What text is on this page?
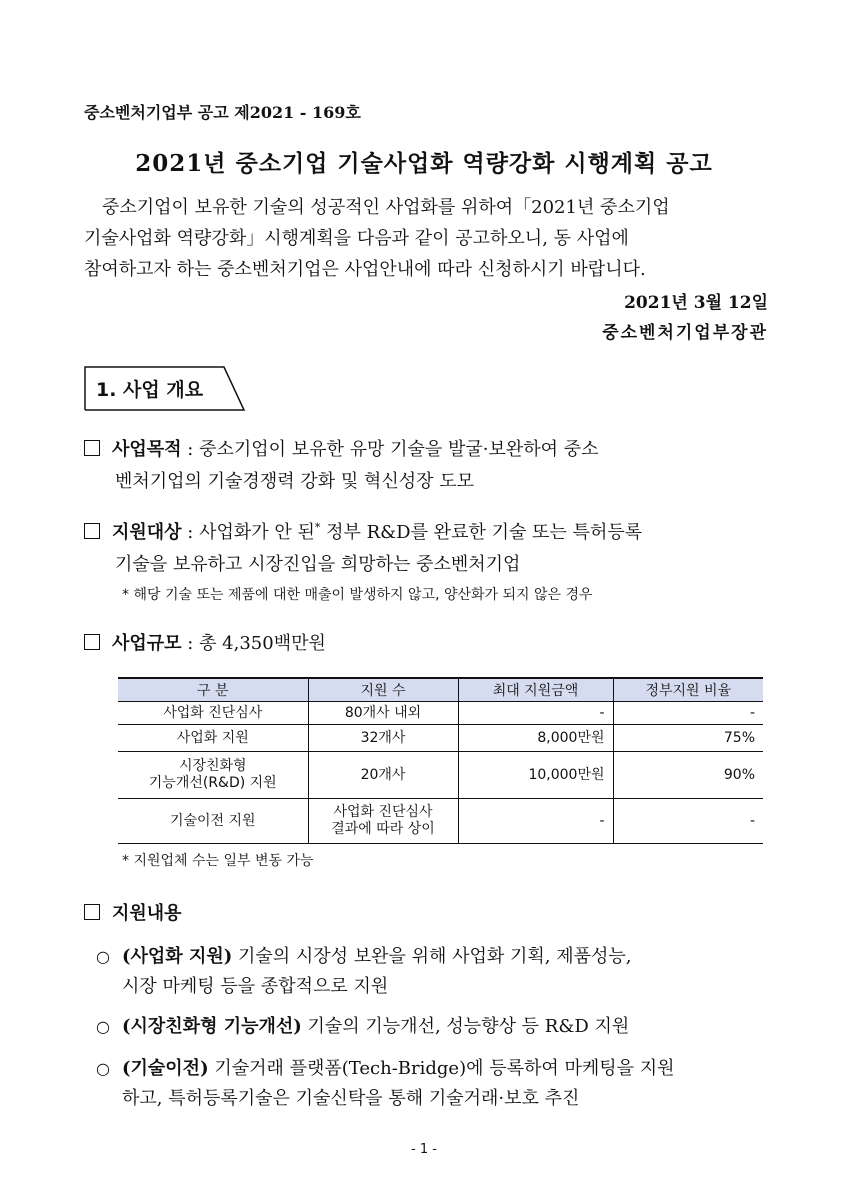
중소벤처기업부 공고 제2021 - 169호
2021년 중소기업 기술사업화 역량강화 시행계획 공고
중소기업이 보유한 기술의 성공적인 사업화를 위하여「2021년 중소기업
기술사업화 역량강화」시행계획을 다음과 같이 공고하오니, 동 사업에
참여하고자 하는 중소벤처기업은 사업안내에 따라 신청하시기 바랍니다.
2021년 3월 12일
중소벤처기업부장관
1. 사업 개요
사업목적 : 중소기업이 보유한 유망 기술을 발굴·보완하여 중소
벤처기업의 기술경쟁력 강화 및 혁신성장 도모
지원대상 : 사업화가 안 된* 정부 R&D를 완료한 기술 또는 특허등록
기술을 보유하고 시장진입을 희망하는 중소벤처기업
* 해당 기술 또는 제품에 대한 매출이 발생하지 않고, 양산화가 되지 않은 경우
사업규모 : 총 4,350백만원
구 분	지원 수	최대 지원금액	정부지원 비율
사업화 진단심사	80개사 내외	-	-
사업화 지원	32개사	8,000만원	75%

시장친화형
기능개선(R&D) 지원	20개사	10,000만원	90%
기술이전 지원	사업화 진단심사
결과에 따라 상이	-	-
* 지원업체 수는 일부 변동 가능
지원내용
○ (사업화 지원) 기술의 시장성 보완을 위해 사업화 기획, 제품성능,
시장 마케팅 등을 종합적으로 지원
○ (시장친화형 기능개선) 기술의 기능개선, 성능향상 등 R&D 지원
○ (기술이전) 기술거래 플랫폼(Tech-Bridge)에 등록하여 마케팅을 지원
하고, 특허등록기술은 기술신탁을 통해 기술거래·보호 추진
- 1 -
